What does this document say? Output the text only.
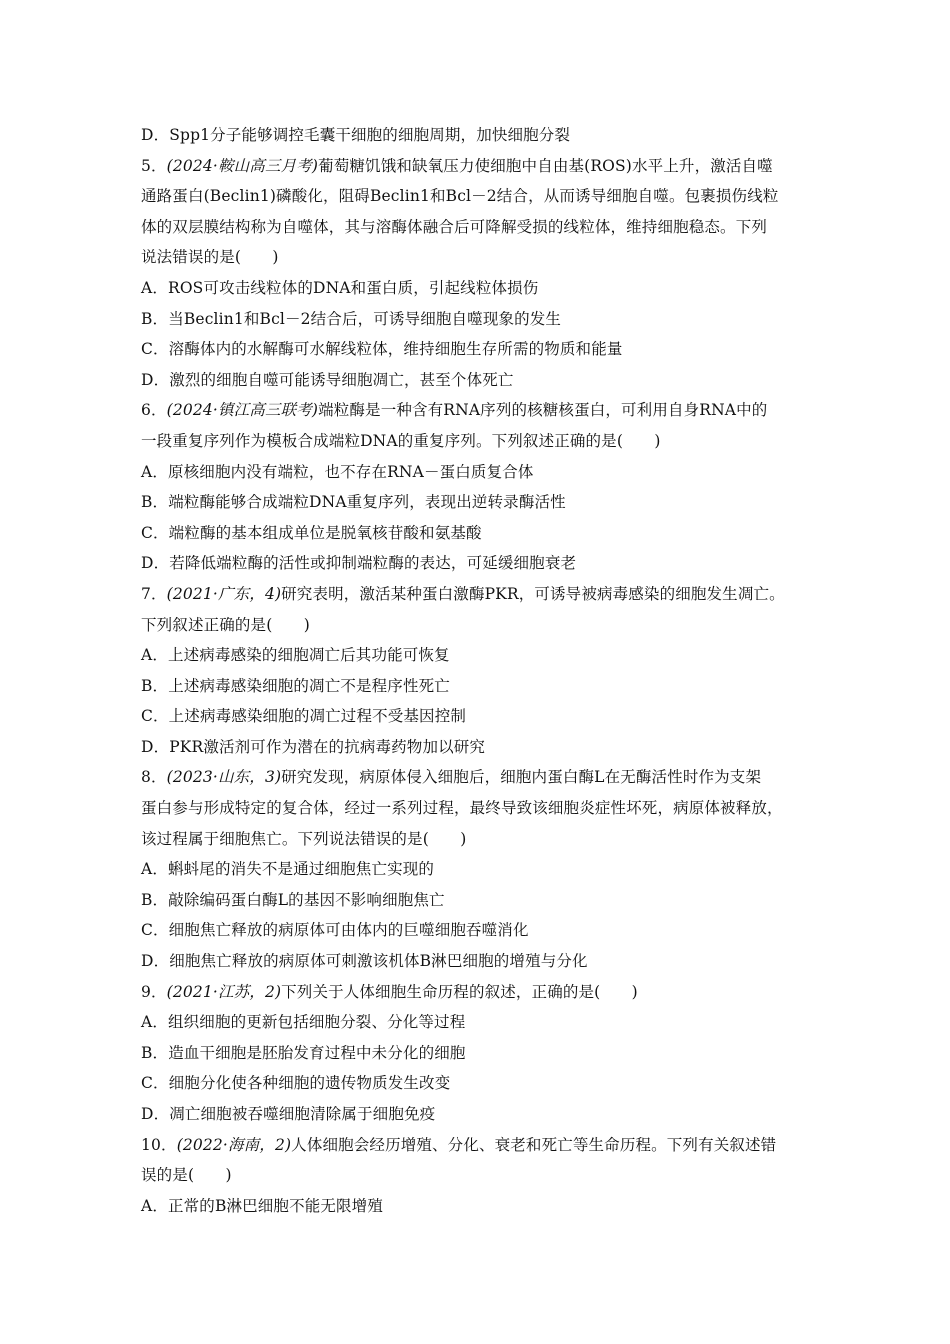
D．Spp1分子能够调控毛囊干细胞的细胞周期，加快细胞分裂
5．(2024·鞍山高三月考)葡萄糖饥饿和缺氧压力使细胞中自由基(ROS)水平上升，激活自噬
通路蛋白(Beclin1)磷酸化，阻碍Beclin1和Bcl－2结合，从而诱导细胞自噬。包裹损伤线粒
体的双层膜结构称为自噬体，其与溶酶体融合后可降解受损的线粒体，维持细胞稳态。下列
说法错误的是(　　)
A．ROS可攻击线粒体的DNA和蛋白质，引起线粒体损伤
B．当Beclin1和Bcl－2结合后，可诱导细胞自噬现象的发生
C．溶酶体内的水解酶可水解线粒体，维持细胞生存所需的物质和能量
D．激烈的细胞自噬可能诱导细胞凋亡，甚至个体死亡
6．(2024·镇江高三联考)端粒酶是一种含有RNA序列的核糖核蛋白，可利用自身RNA中的
一段重复序列作为模板合成端粒DNA的重复序列。下列叙述正确的是(　　)
A．原核细胞内没有端粒，也不存在RNA－蛋白质复合体
B．端粒酶能够合成端粒DNA重复序列，表现出逆转录酶活性
C．端粒酶的基本组成单位是脱氧核苷酸和氨基酸
D．若降低端粒酶的活性或抑制端粒酶的表达，可延缓细胞衰老
7．(2021·广东，4)研究表明，激活某种蛋白激酶PKR，可诱导被病毒感染的细胞发生凋亡。
下列叙述正确的是(　　)
A．上述病毒感染的细胞凋亡后其功能可恢复
B．上述病毒感染细胞的凋亡不是程序性死亡
C．上述病毒感染细胞的凋亡过程不受基因控制
D．PKR激活剂可作为潜在的抗病毒药物加以研究
8．(2023·山东，3)研究发现，病原体侵入细胞后，细胞内蛋白酶L在无酶活性时作为支架
蛋白参与形成特定的复合体，经过一系列过程，最终导致该细胞炎症性坏死，病原体被释放，
该过程属于细胞焦亡。下列说法错误的是(　　)
A．蝌蚪尾的消失不是通过细胞焦亡实现的
B．敲除编码蛋白酶L的基因不影响细胞焦亡
C．细胞焦亡释放的病原体可由体内的巨噬细胞吞噬消化
D．细胞焦亡释放的病原体可刺激该机体B淋巴细胞的增殖与分化
9．(2021·江苏，2)下列关于人体细胞生命历程的叙述，正确的是(　　)
A．组织细胞的更新包括细胞分裂、分化等过程
B．造血干细胞是胚胎发育过程中未分化的细胞
C．细胞分化使各种细胞的遗传物质发生改变
D．凋亡细胞被吞噬细胞清除属于细胞免疫
10．(2022·海南，2)人体细胞会经历增殖、分化、衰老和死亡等生命历程。下列有关叙述错
误的是(　　)
A．正常的B淋巴细胞不能无限增殖
